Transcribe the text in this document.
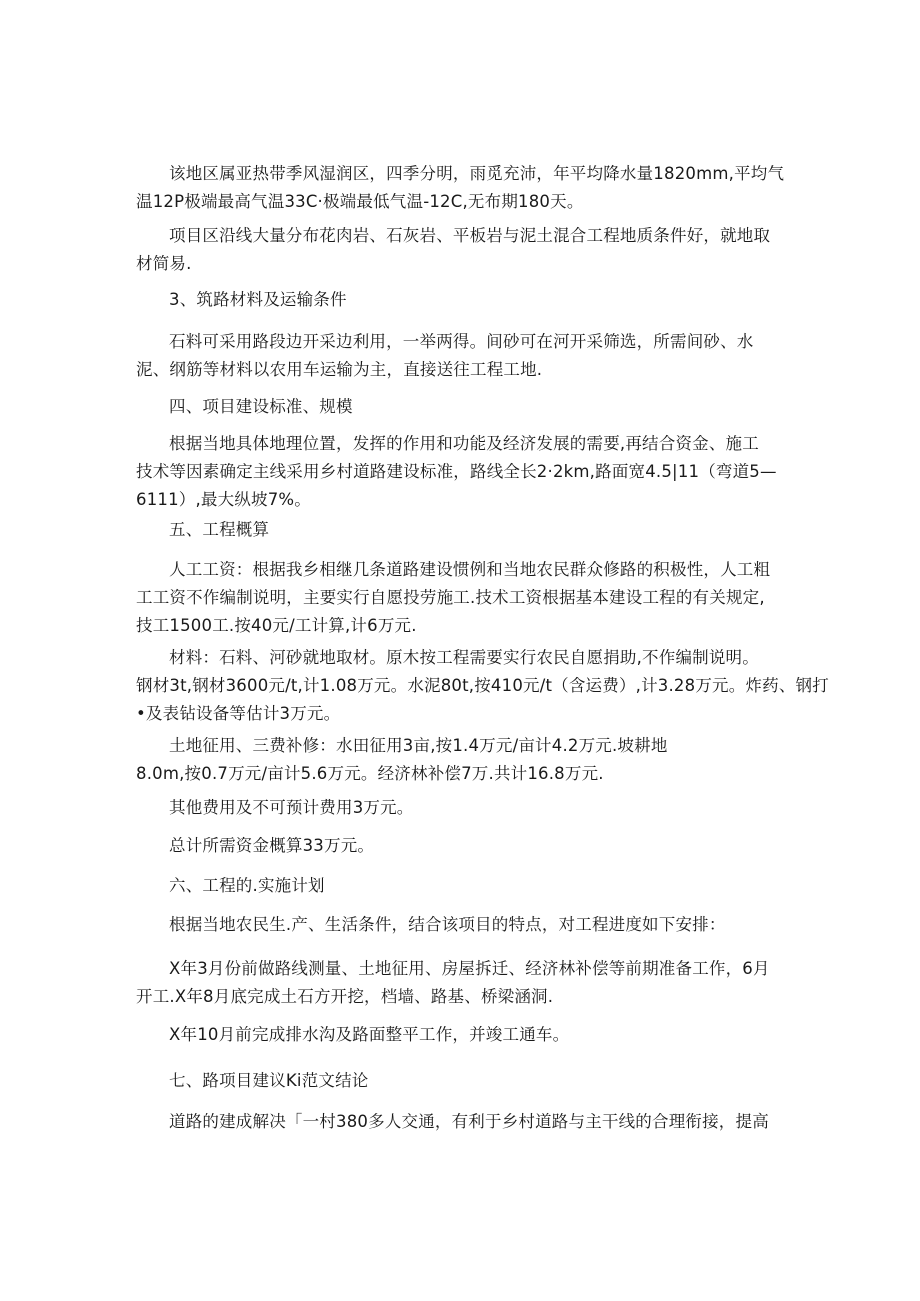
该地区属亚热带季风湿润区，四季分明，雨觅充沛，年平均降水量1820mm,平均气
温12P极端最高气温33C·极端最低气温-12C,无布期180天。

项目区沿线大量分布花肉岩、石灰岩、平板岩与泥土混合工程地质条件好，就地取
材简易.

3、筑路材料及运输条件

石料可采用路段边开采边利用，一举两得。间砂可在河开采筛选，所需间砂、水
泥、纲筋等材料以农用车运输为主，直接送往工程工地.

四、项目建设标准、规模

根据当地具体地理位置，发挥的作用和功能及经济发展的需要,再结合资金、施工
技术等因素确定主线采用乡村道路建设标准，路线全长2·2km,路面宽4.5|11（弯道5—
6111）,最大纵坡7%。

五、工程概算

人工工资：根据我乡相继几条道路建设惯例和当地农民群众修路的积极性，人工粗
工工资不作编制说明，主要实行自愿投劳施工.技术工资根据基本建设工程的有关规定,
技工1500工.按40元/工计算,计6万元.

材料：石料、河砂就地取材。原木按工程需要实行农民自愿捐助,不作编制说明。
钢材3t,钢材3600元/t,计1.08万元。水泥80t,按410元/t（含运费）,计3.28万元。炸药、钢打
•及表钻设备等估计3万元。

土地征用、三费补修：水田征用3亩,按1.4万元/亩计4.2万元.坡耕地
8.0m,按0.7万元/亩计5.6万元。经济林补偿7万.共计16.8万元.

其他费用及不可预计费用3万元。

总计所需资金概算33万元。

六、工程的.实施计划

根据当地农民生.产、生活条件，结合该项目的特点，对工程进度如下安排：

X年3月份前做路线测量、土地征用、房屋拆迁、经济林补偿等前期准备工作，6月
开工.X年8月底完成土石方开挖，档墙、路基、桥梁涵洞.

X年10月前完成排水沟及路面整平工作，并竣工通车。

七、路项目建议Ki范文结论

道路的建成解决「一村380多人交通，有利于乡村道路与主干线的合理衔接，提高
